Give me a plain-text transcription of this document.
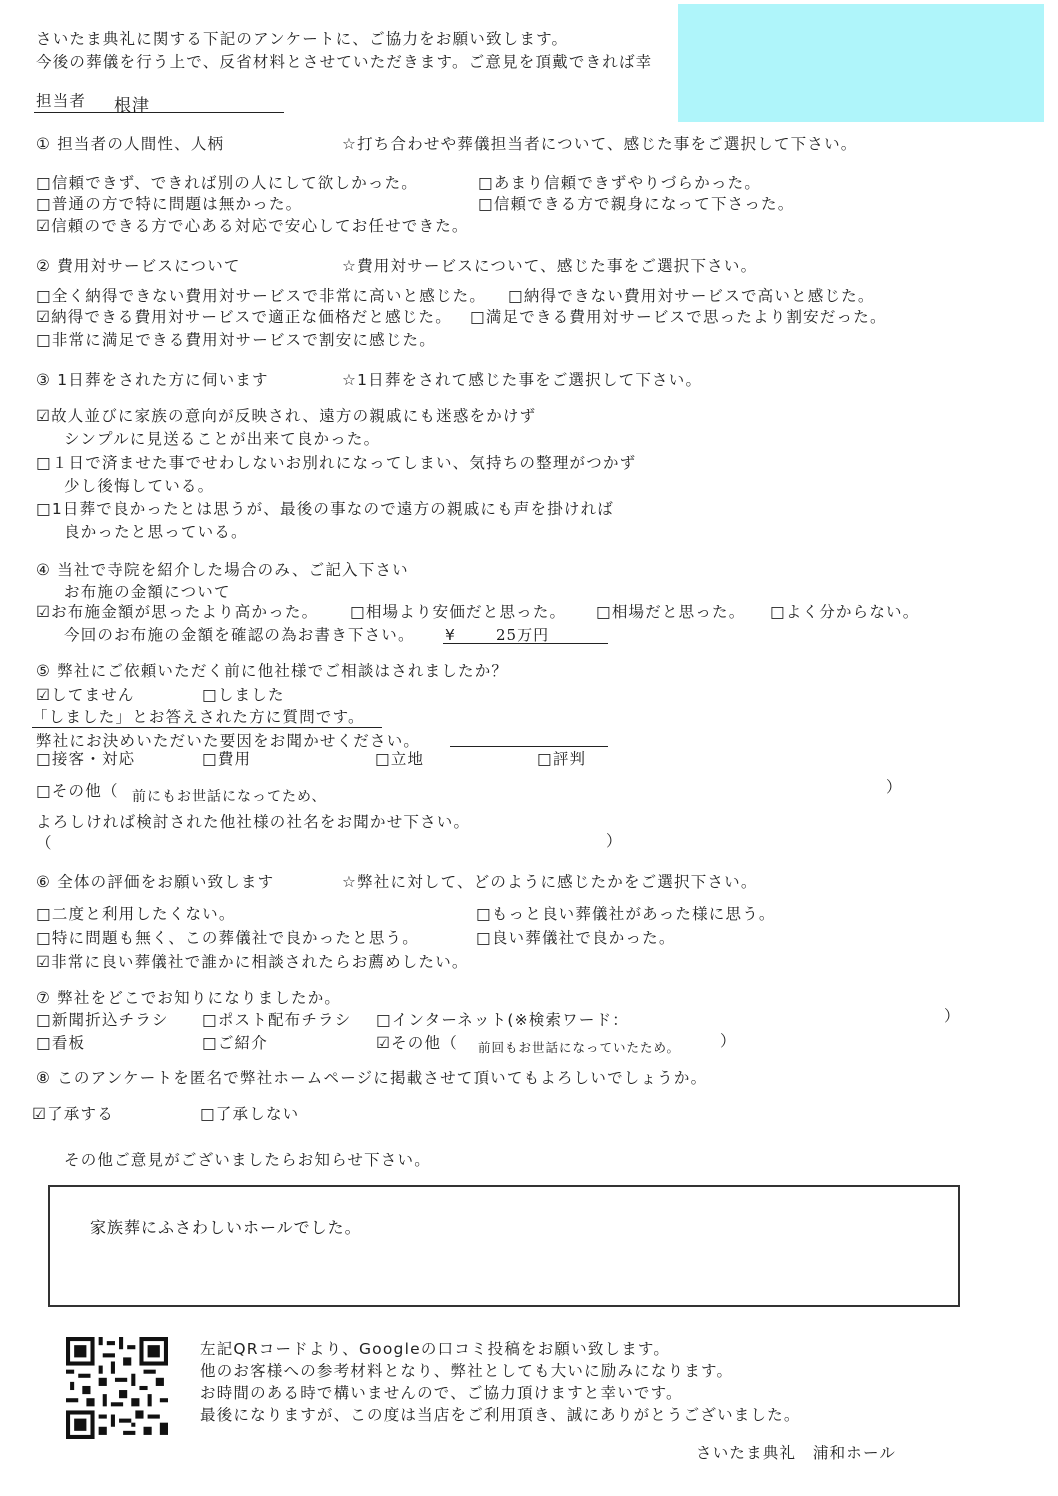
さいたま典礼に関する下記のアンケートに、ご協力をお願い致します。
今後の葬儀を行う上で、反省材料とさせていただきます。ご意見を頂戴できれば幸
担当者 根津
① 担当者の人間性、人柄	☆打ち合わせや葬儀担当者について、感じた事をご選択して下さい。
□信頼できず、できれば別の人にして欲しかった。	□あまり信頼できずやりづらかった。
□普通の方で特に問題は無かった。	□信頼できる方で親身になって下さった。
☑信頼のできる方で心ある対応で安心してお任せできた。
② 費用対サービスについて	☆費用対サービスについて、感じた事をご選択下さい。
□全く納得できない費用対サービスで非常に高いと感じた。 □納得できない費用対サービスで高いと感じた。
☑納得できる費用対サービスで適正な価格だと感じた。 □満足できる費用対サービスで思ったより割安だった。
□非常に満足できる費用対サービスで割安に感じた。
③ 1日葬をされた方に伺います	☆1日葬をされて感じた事をご選択して下さい。
☑故人並びに家族の意向が反映され、遠方の親戚にも迷惑をかけず
シンプルに見送ることが出来て良かった。
□１日で済ませた事でせわしないお別れになってしまい、気持ちの整理がつかず
少し後悔している。
□1日葬で良かったとは思うが、最後の事なので遠方の親戚にも声を掛ければ
良かったと思っている。
④ 当社で寺院を紹介した場合のみ、ご記入下さい
お布施の金額について
☑お布施金額が思ったより高かった。 □相場より安価だと思った。 □相場だと思った。 □よく分からない。
今回のお布施の金額を確認の為お書き下さい。 ¥	25万円
⑤ 弊社にご依頼いただく前に他社様でご相談はされましたか？
☑してません	□しました
「しました」とお答えされた方に質問です。
弊社にお決めいただいた要因をお聞かせください。
□接客・対応	□費用	□立地	□評判
□その他（ 前にもお世話になってため、
）
よろしければ検討された他社様の社名をお聞かせ下さい。
（	）
⑥ 全体の評価をお願い致します	☆弊社に対して、どのように感じたかをご選択下さい。
□二度と利用したくない。	□もっと良い葬儀社があった様に思う。
□特に問題も無く、この葬儀社で良かったと思う。	□良い葬儀社で良かった。
☑非常に良い葬儀社で誰かに相談されたらお薦めしたい。
⑦ 弊社をどこでお知りになりましたか。
□新聞折込チラシ □ポスト配布チラシ □インターネット(※検索ワード：	）
□看板	□ご紹介	☑その他（ 前回もお世話になっていたため。	）
⑧ このアンケートを匿名で弊社ホームページに掲載させて頂いてもよろしいでしょうか。
☑了承する	□了承しない
その他ご意見がございましたらお知らせ下さい。
家族葬にふさわしいホールでした。
左記QRコードより、Googleの口コミ投稿をお願い致します。
他のお客様への参考材料となり、弊社としても大いに励みになります。
お時間のある時で構いませんので、ご協力頂けますと幸いです。
最後になりますが、この度は当店をご利用頂き、誠にありがとうございました。
さいたま典礼　浦和ホール
